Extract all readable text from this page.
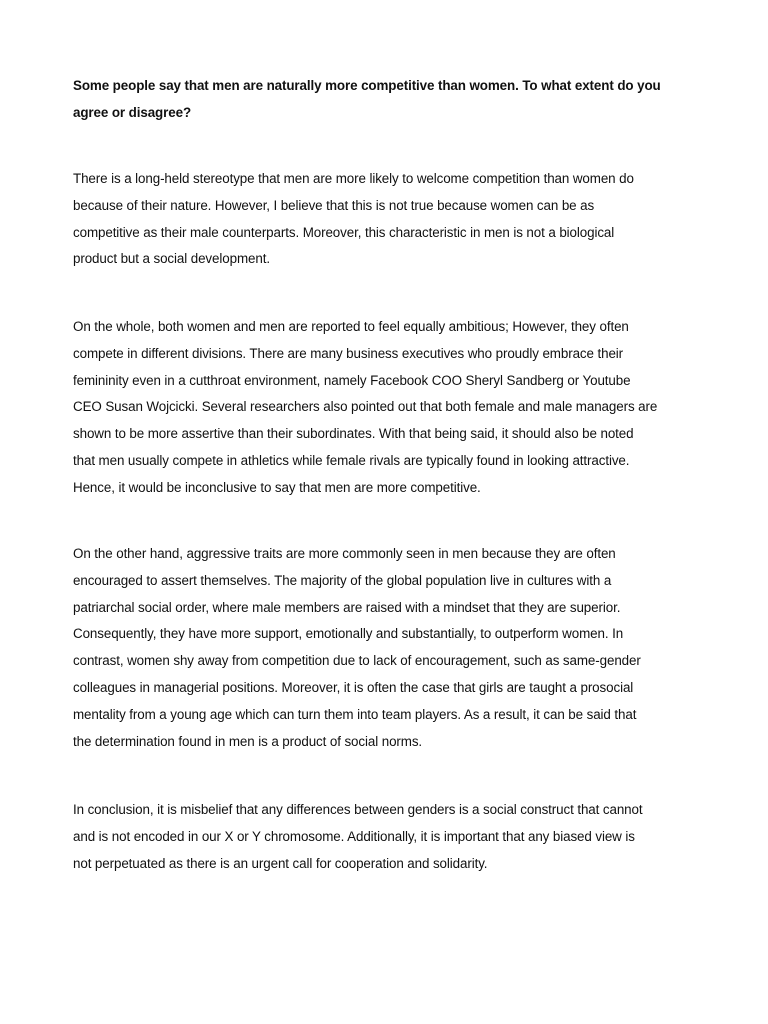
Some people say that men are naturally more competitive than women. To what extent do you
agree or disagree?

There is a long-held stereotype that men are more likely to welcome competition than women do
because of their nature. However, I believe that this is not true because women can be as
competitive as their male counterparts. Moreover, this characteristic in men is not a biological
product but a social development.

On the whole, both women and men are reported to feel equally ambitious; However, they often
compete in different divisions. There are many business executives who proudly embrace their
femininity even in a cutthroat environment, namely Facebook COO Sheryl Sandberg or Youtube
CEO Susan Wojcicki. Several researchers also pointed out that both female and male managers are
shown to be more assertive than their subordinates. With that being said, it should also be noted
that men usually compete in athletics while female rivals are typically found in looking attractive.
Hence, it would be inconclusive to say that men are more competitive.

On the other hand, aggressive traits are more commonly seen in men because they are often
encouraged to assert themselves. The majority of the global population live in cultures with a
patriarchal social order, where male members are raised with a mindset that they are superior.
Consequently, they have more support, emotionally and substantially, to outperform women. In
contrast, women shy away from competition due to lack of encouragement, such as same-gender
colleagues in managerial positions. Moreover, it is often the case that girls are taught a prosocial
mentality from a young age which can turn them into team players. As a result, it can be said that
the determination found in men is a product of social norms.

In conclusion, it is misbelief that any differences between genders is a social construct that cannot
and is not encoded in our X or Y chromosome. Additionally, it is important that any biased view is
not perpetuated as there is an urgent call for cooperation and solidarity.
